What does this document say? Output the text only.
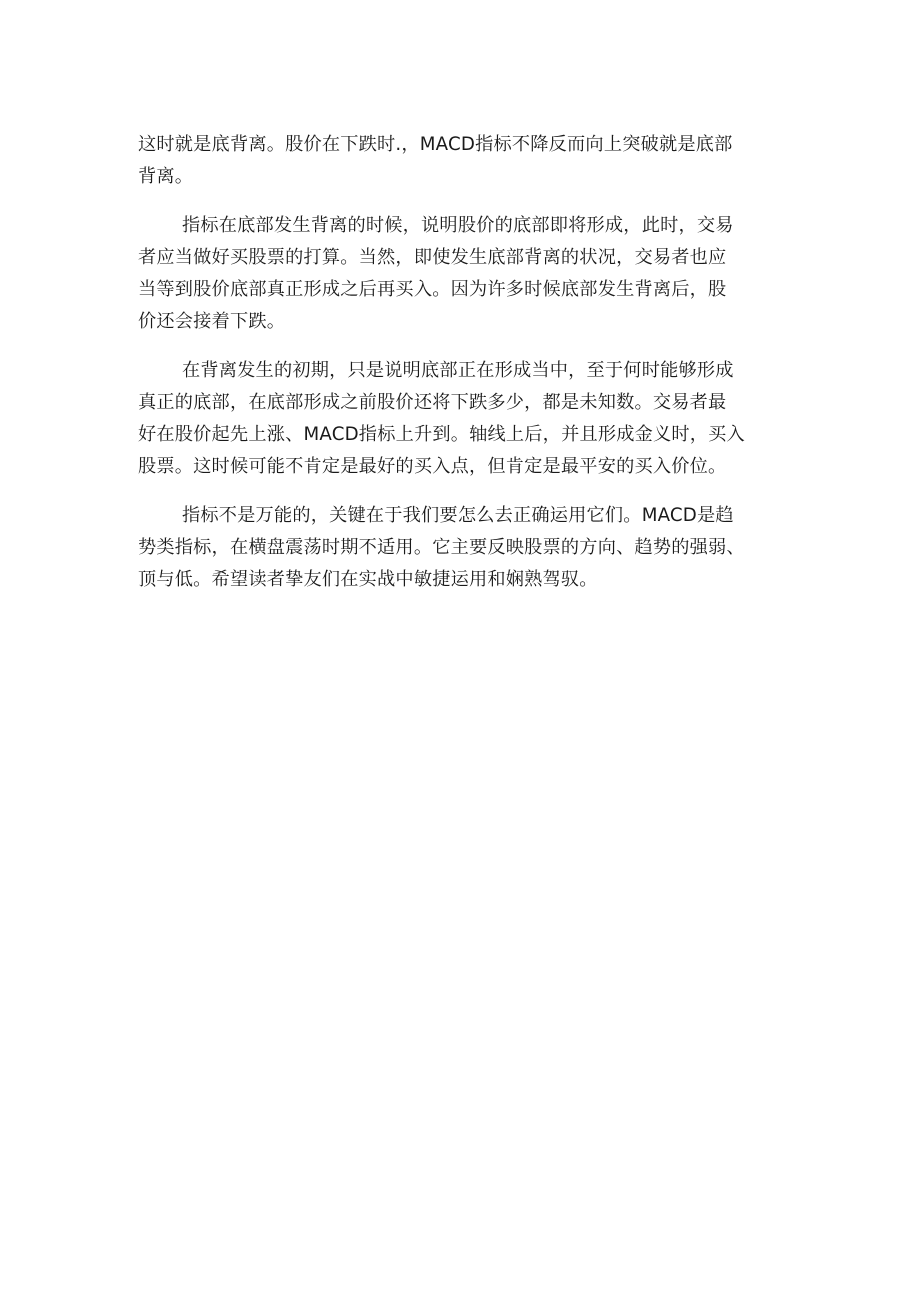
这时就是底背离。股价在下跌时.，MACD指标不降反而向上突破就是底部
背离。
指标在底部发生背离的时候，说明股价的底部即将形成，此时，交易
者应当做好买股票的打算。当然，即使发生底部背离的状况，交易者也应
当等到股价底部真正形成之后再买入。因为许多时候底部发生背离后，股
价还会接着下跌。
在背离发生的初期，只是说明底部正在形成当中，至于何时能够形成
真正的底部，在底部形成之前股价还将下跌多少，都是未知数。交易者最
好在股价起先上涨、MACD指标上升到。轴线上后，并且形成金义时，买入
股票。这时候可能不肯定是最好的买入点，但肯定是最平安的买入价位。
指标不是万能的，关键在于我们要怎么去正确运用它们。MACD是趋
势类指标，在横盘震荡时期不适用。它主要反映股票的方向、趋势的强弱、
顶与低。希望读者挚友们在实战中敏捷运用和娴熟驾驭。
